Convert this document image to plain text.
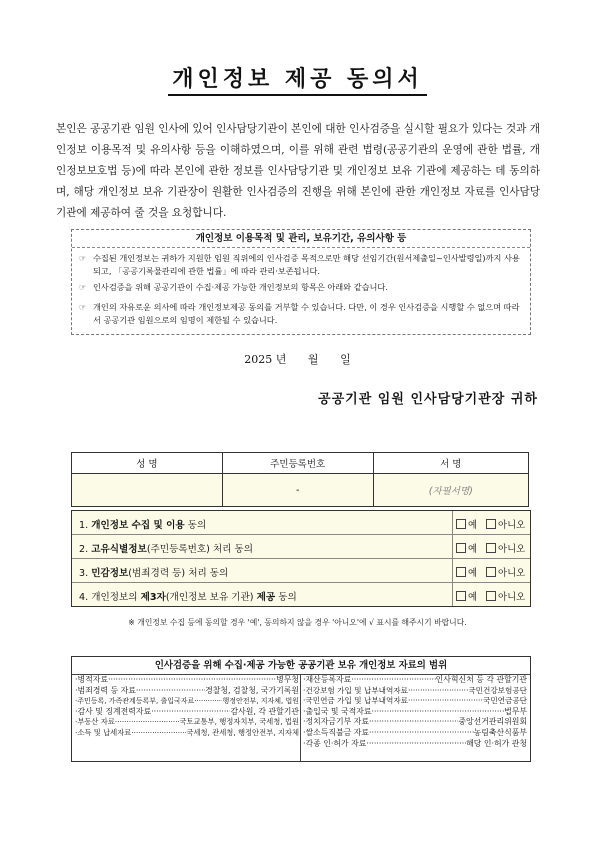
개인정보 제공 동의서
본인은 공공기관 임원 인사에 있어 인사담당기관이 본인에 대한 인사검증을 실시할 필요가 있다는 것과 개인정보 이용목적 및 유의사항 등을 이해하였으며, 이를 위해 관련 법령(공공기관의 운영에 관한 법률, 개인정보보호법 등)에 따라 본인에 관한 정보를 인사담당기관 및 개인정보 보유 기관에 제공하는 데 동의하며, 해당 개인정보 보유 기관장이 원활한 인사검증의 진행을 위해 본인에 관한 개인정보 자료를 인사담당기관에 제공하여 줄 것을 요청합니다.
개인정보 이용목적 및 관리, 보유기간, 유의사항 등
☞ 수집된 개인정보는 귀하가 지원한 임원 직위에의 인사검증 목적으로만 해당 선임기간(원서제출일~인사발령일)까지 사용되고, 「공공기록물관리에 관한 법률」에 따라 관리·보존됩니다.
☞ 인사검증을 위해 공공기관이 수집·제공 가능한 개인정보의 항목은 아래와 같습니다.
☞ 개인의 자유로운 의사에 따라 개인정보제공 동의를 거부할 수 있습니다. 다만, 이 경우 인사검증을 시행할 수 없으며 따라서 공공기관 임원으로의 임명이 제한될 수 있습니다.
2025 년 월 일
공공기관 임원 인사담당기관장 귀하
성 명	주민등록번호	서 명
	-	(자필서명)
1. 개인정보 수집 및 이용 동의	예 아니오
2. 고유식별정보(주민등록번호) 처리 동의	예 아니오
3. 민감정보(범죄경력 등) 처리 동의	예 아니오
4. 개인정보의 제3자(개인정보 보유 기관) 제공 동의	예 아니오
※ 개인정보 수집 등에 동의할 경우 '예', 동의하지 않을 경우 '아니오'에 √ 표시를 해주시기 바랍니다.
인사검증을 위해 수집·제공 가능한 공공기관 보유 개인정보 자료의 범위
·병적자료 ·····	병무청
·범죄경력 등 자료 ·····	경찰청, 검찰청, 국가기록원
·주민등록, 가족관계등록부, 출입국자료 ·····	행정안전부, 지자체, 법원
·감사 및 징계전력자료 ·····	감사원, 각 관할기관
·부동산 자료 ·····	국토교통부, 행정자치부, 국세청, 법원
·소득 및 납세자료 ·····	국세청, 관세청, 행정안전부, 지자체
·재산등록자료 ·····	인사혁신처 등 각 관할기관
·건강보험 가입 및 납부내역자료 ·····	국민건강보험공단
·국민연금 가입 및 납부내역자료 ·····	국민연금공단
·출입국 및 국적자료 ·····	법무부
·정치자금기부 자료 ·····	중앙선거관리위원회
·쌀소득직불금 자료 ·····	농림축산식품부
·각종 인·허가 자료 ·····	해당 인·허가 관청
